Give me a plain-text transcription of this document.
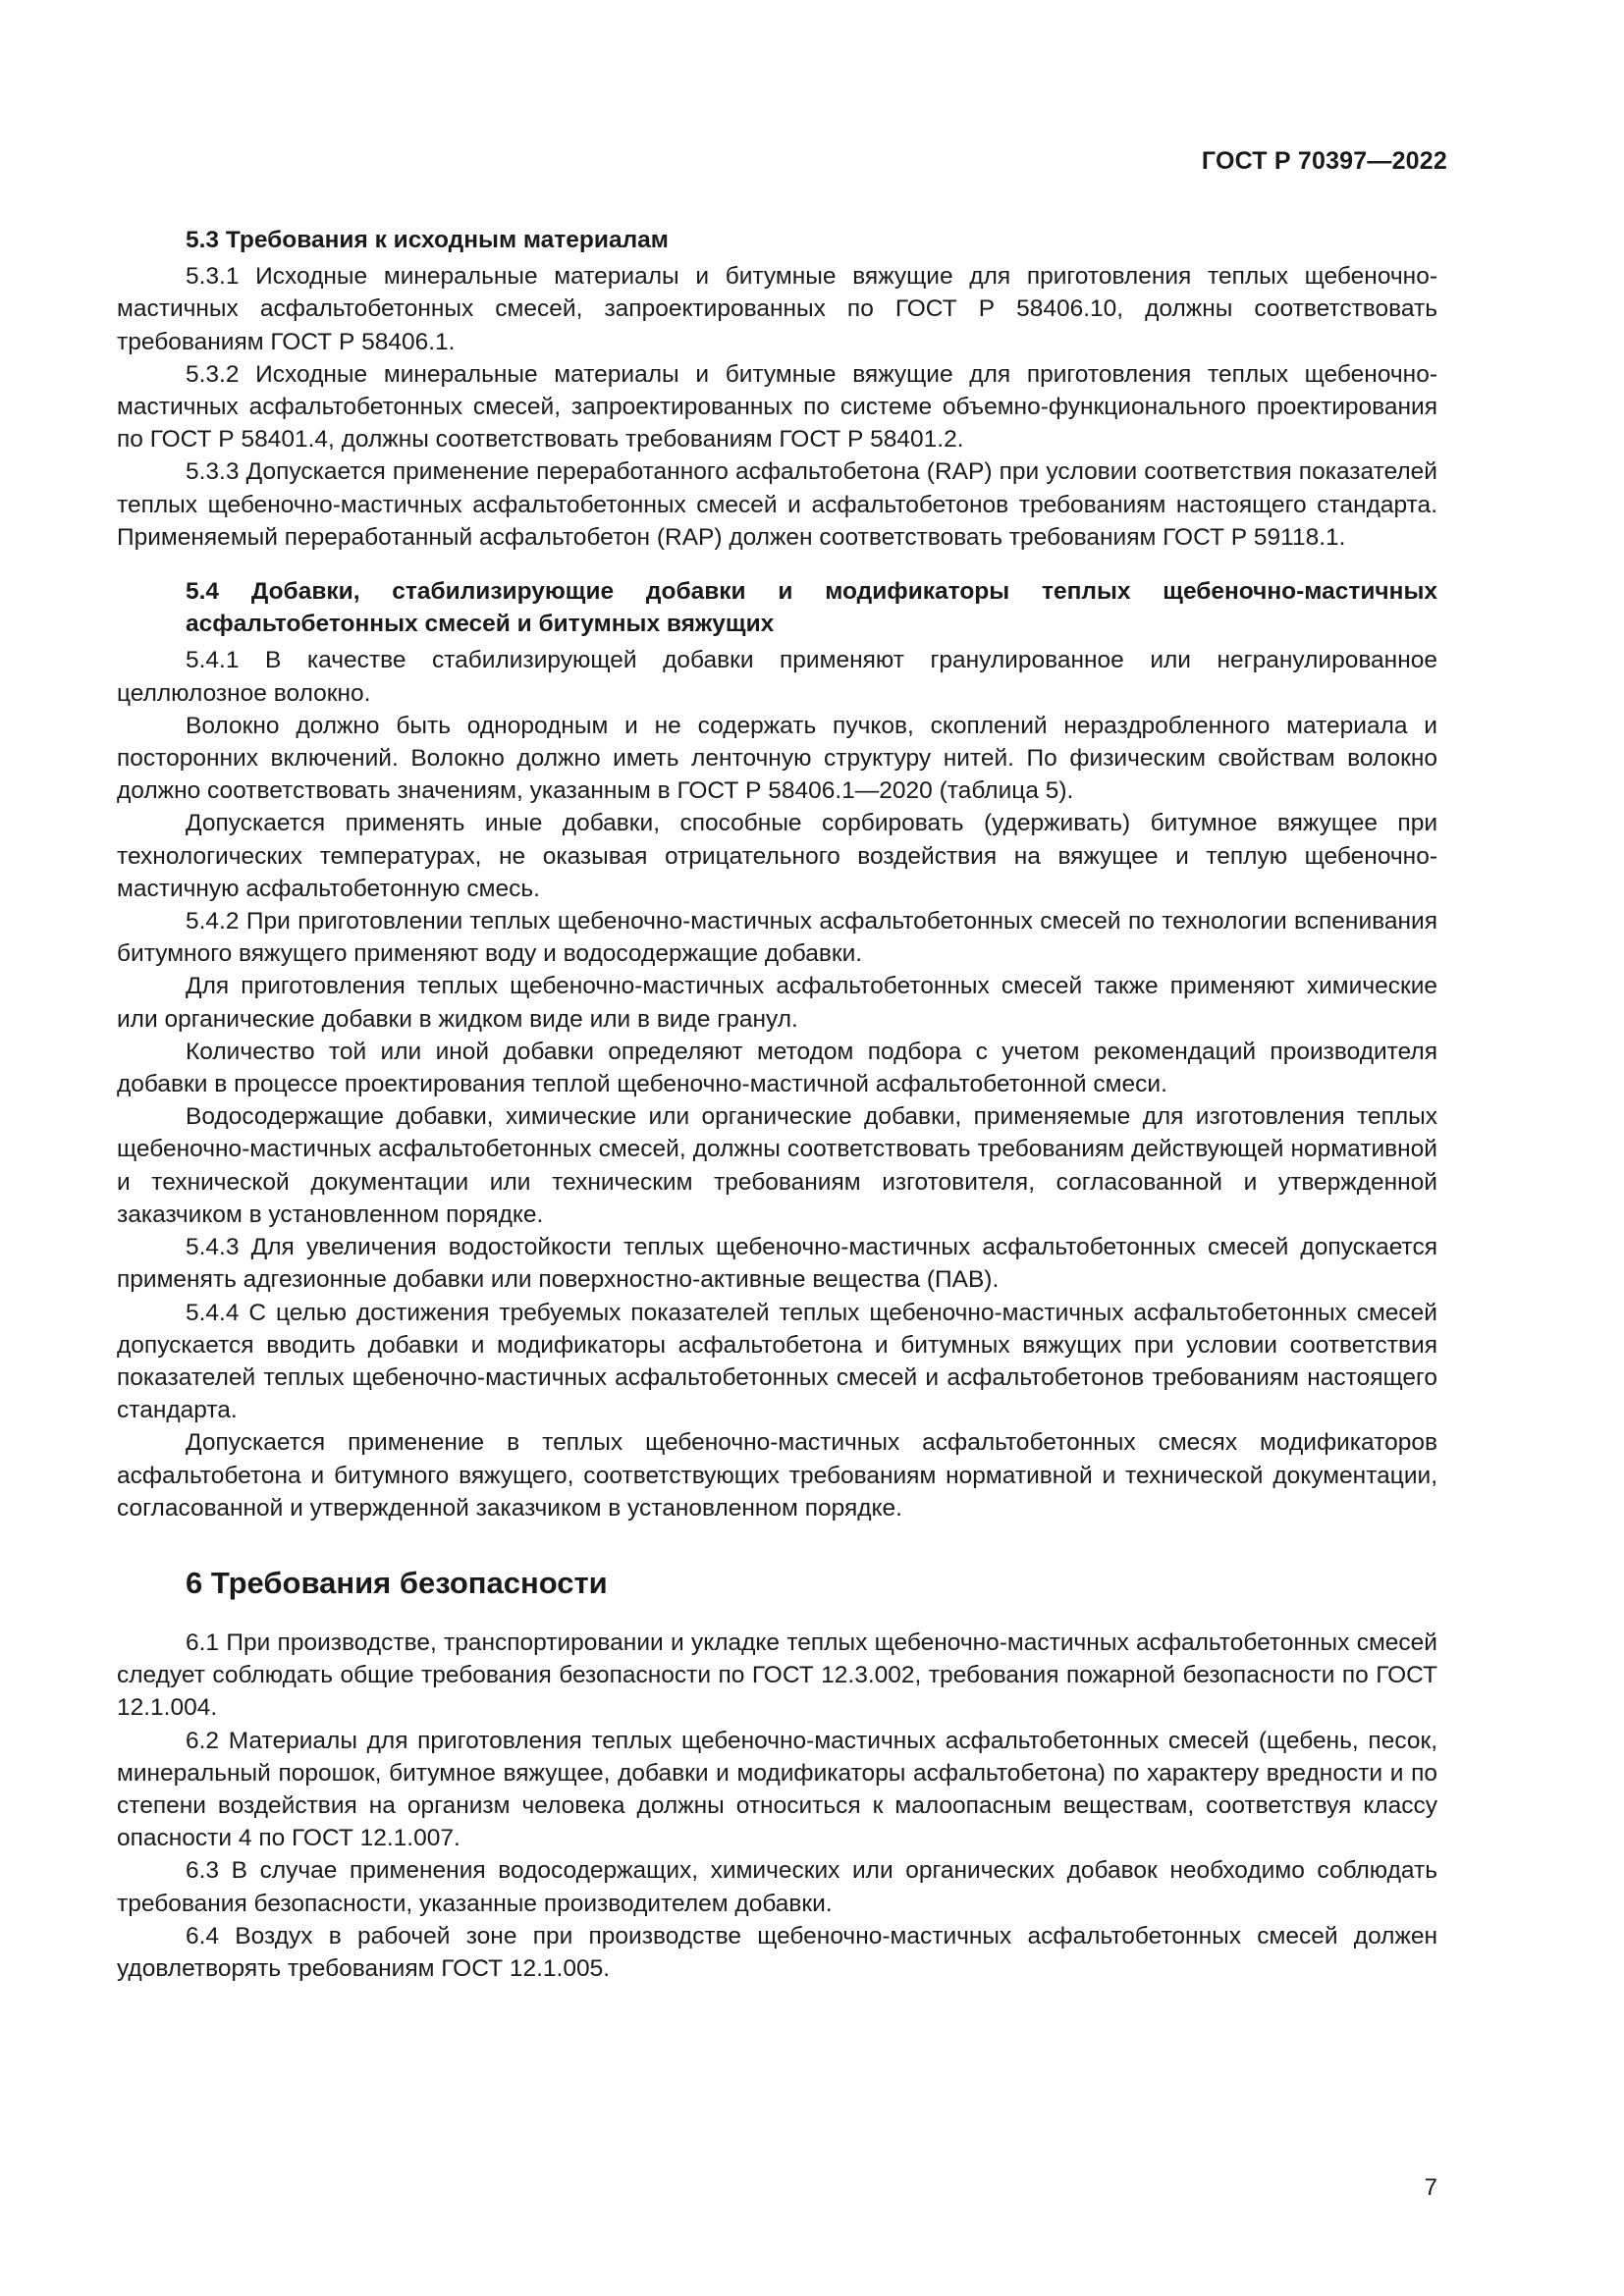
ГОСТ Р 70397—2022
5.3 Требования к исходным материалам

5.3.1 Исходные минеральные материалы и битумные вяжущие для приготовления теплых щебеночно-мастичных асфальтобетонных смесей, запроектированных по ГОСТ Р 58406.10, должны соответствовать требованиям ГОСТ Р 58406.1.

5.3.2 Исходные минеральные материалы и битумные вяжущие для приготовления теплых щебеночно-мастичных асфальтобетонных смесей, запроектированных по системе объемно-функционального проектирования по ГОСТ Р 58401.4, должны соответствовать требованиям ГОСТ Р 58401.2.

5.3.3 Допускается применение переработанного асфальтобетона (RAP) при условии соответствия показателей теплых щебеночно-мастичных асфальтобетонных смесей и асфальтобетонов требованиям настоящего стандарта. Применяемый переработанный асфальтобетон (RAP) должен соответствовать требованиям ГОСТ Р 59118.1.

5.4 Добавки, стабилизирующие добавки и модификаторы теплых щебеночно-мастичных асфальтобетонных смесей и битумных вяжущих

5.4.1 В качестве стабилизирующей добавки применяют гранулированное или негранулированное целлюлозное волокно.

Волокно должно быть однородным и не содержать пучков, скоплений нераздробленного материала и посторонних включений. Волокно должно иметь ленточную структуру нитей. По физическим свойствам волокно должно соответствовать значениям, указанным в ГОСТ Р 58406.1—2020 (таблица 5).

Допускается применять иные добавки, способные сорбировать (удерживать) битумное вяжущее при технологических температурах, не оказывая отрицательного воздействия на вяжущее и теплую щебеночно-мастичную асфальтобетонную смесь.

5.4.2 При приготовлении теплых щебеночно-мастичных асфальтобетонных смесей по технологии вспенивания битумного вяжущего применяют воду и водосодержащие добавки.

Для приготовления теплых щебеночно-мастичных асфальтобетонных смесей также применяют химические или органические добавки в жидком виде или в виде гранул.

Количество той или иной добавки определяют методом подбора с учетом рекомендаций производителя добавки в процессе проектирования теплой щебеночно-мастичной асфальтобетонной смеси.

Водосодержащие добавки, химические или органические добавки, применяемые для изготовления теплых щебеночно-мастичных асфальтобетонных смесей, должны соответствовать требованиям действующей нормативной и технической документации или техническим требованиям изготовителя, согласованной и утвержденной заказчиком в установленном порядке.

5.4.3 Для увеличения водостойкости теплых щебеночно-мастичных асфальтобетонных смесей допускается применять адгезионные добавки или поверхностно-активные вещества (ПАВ).

5.4.4 С целью достижения требуемых показателей теплых щебеночно-мастичных асфальтобетонных смесей допускается вводить добавки и модификаторы асфальтобетона и битумных вяжущих при условии соответствия показателей теплых щебеночно-мастичных асфальтобетонных смесей и асфальтобетонов требованиям настоящего стандарта.

Допускается применение в теплых щебеночно-мастичных асфальтобетонных смесях модификаторов асфальтобетона и битумного вяжущего, соответствующих требованиям нормативной и технической документации, согласованной и утвержденной заказчиком в установленном порядке.

6 Требования безопасности

6.1 При производстве, транспортировании и укладке теплых щебеночно-мастичных асфальтобетонных смесей следует соблюдать общие требования безопасности по ГОСТ 12.3.002, требования пожарной безопасности по ГОСТ 12.1.004.

6.2 Материалы для приготовления теплых щебеночно-мастичных асфальтобетонных смесей (щебень, песок, минеральный порошок, битумное вяжущее, добавки и модификаторы асфальтобетона) по характеру вредности и по степени воздействия на организм человека должны относиться к малоопасным веществам, соответствуя классу опасности 4 по ГОСТ 12.1.007.

6.3 В случае применения водосодержащих, химических или органических добавок необходимо соблюдать требования безопасности, указанные производителем добавки.

6.4 Воздух в рабочей зоне при производстве щебеночно-мастичных асфальтобетонных смесей должен удовлетворять требованиям ГОСТ 12.1.005.

7
